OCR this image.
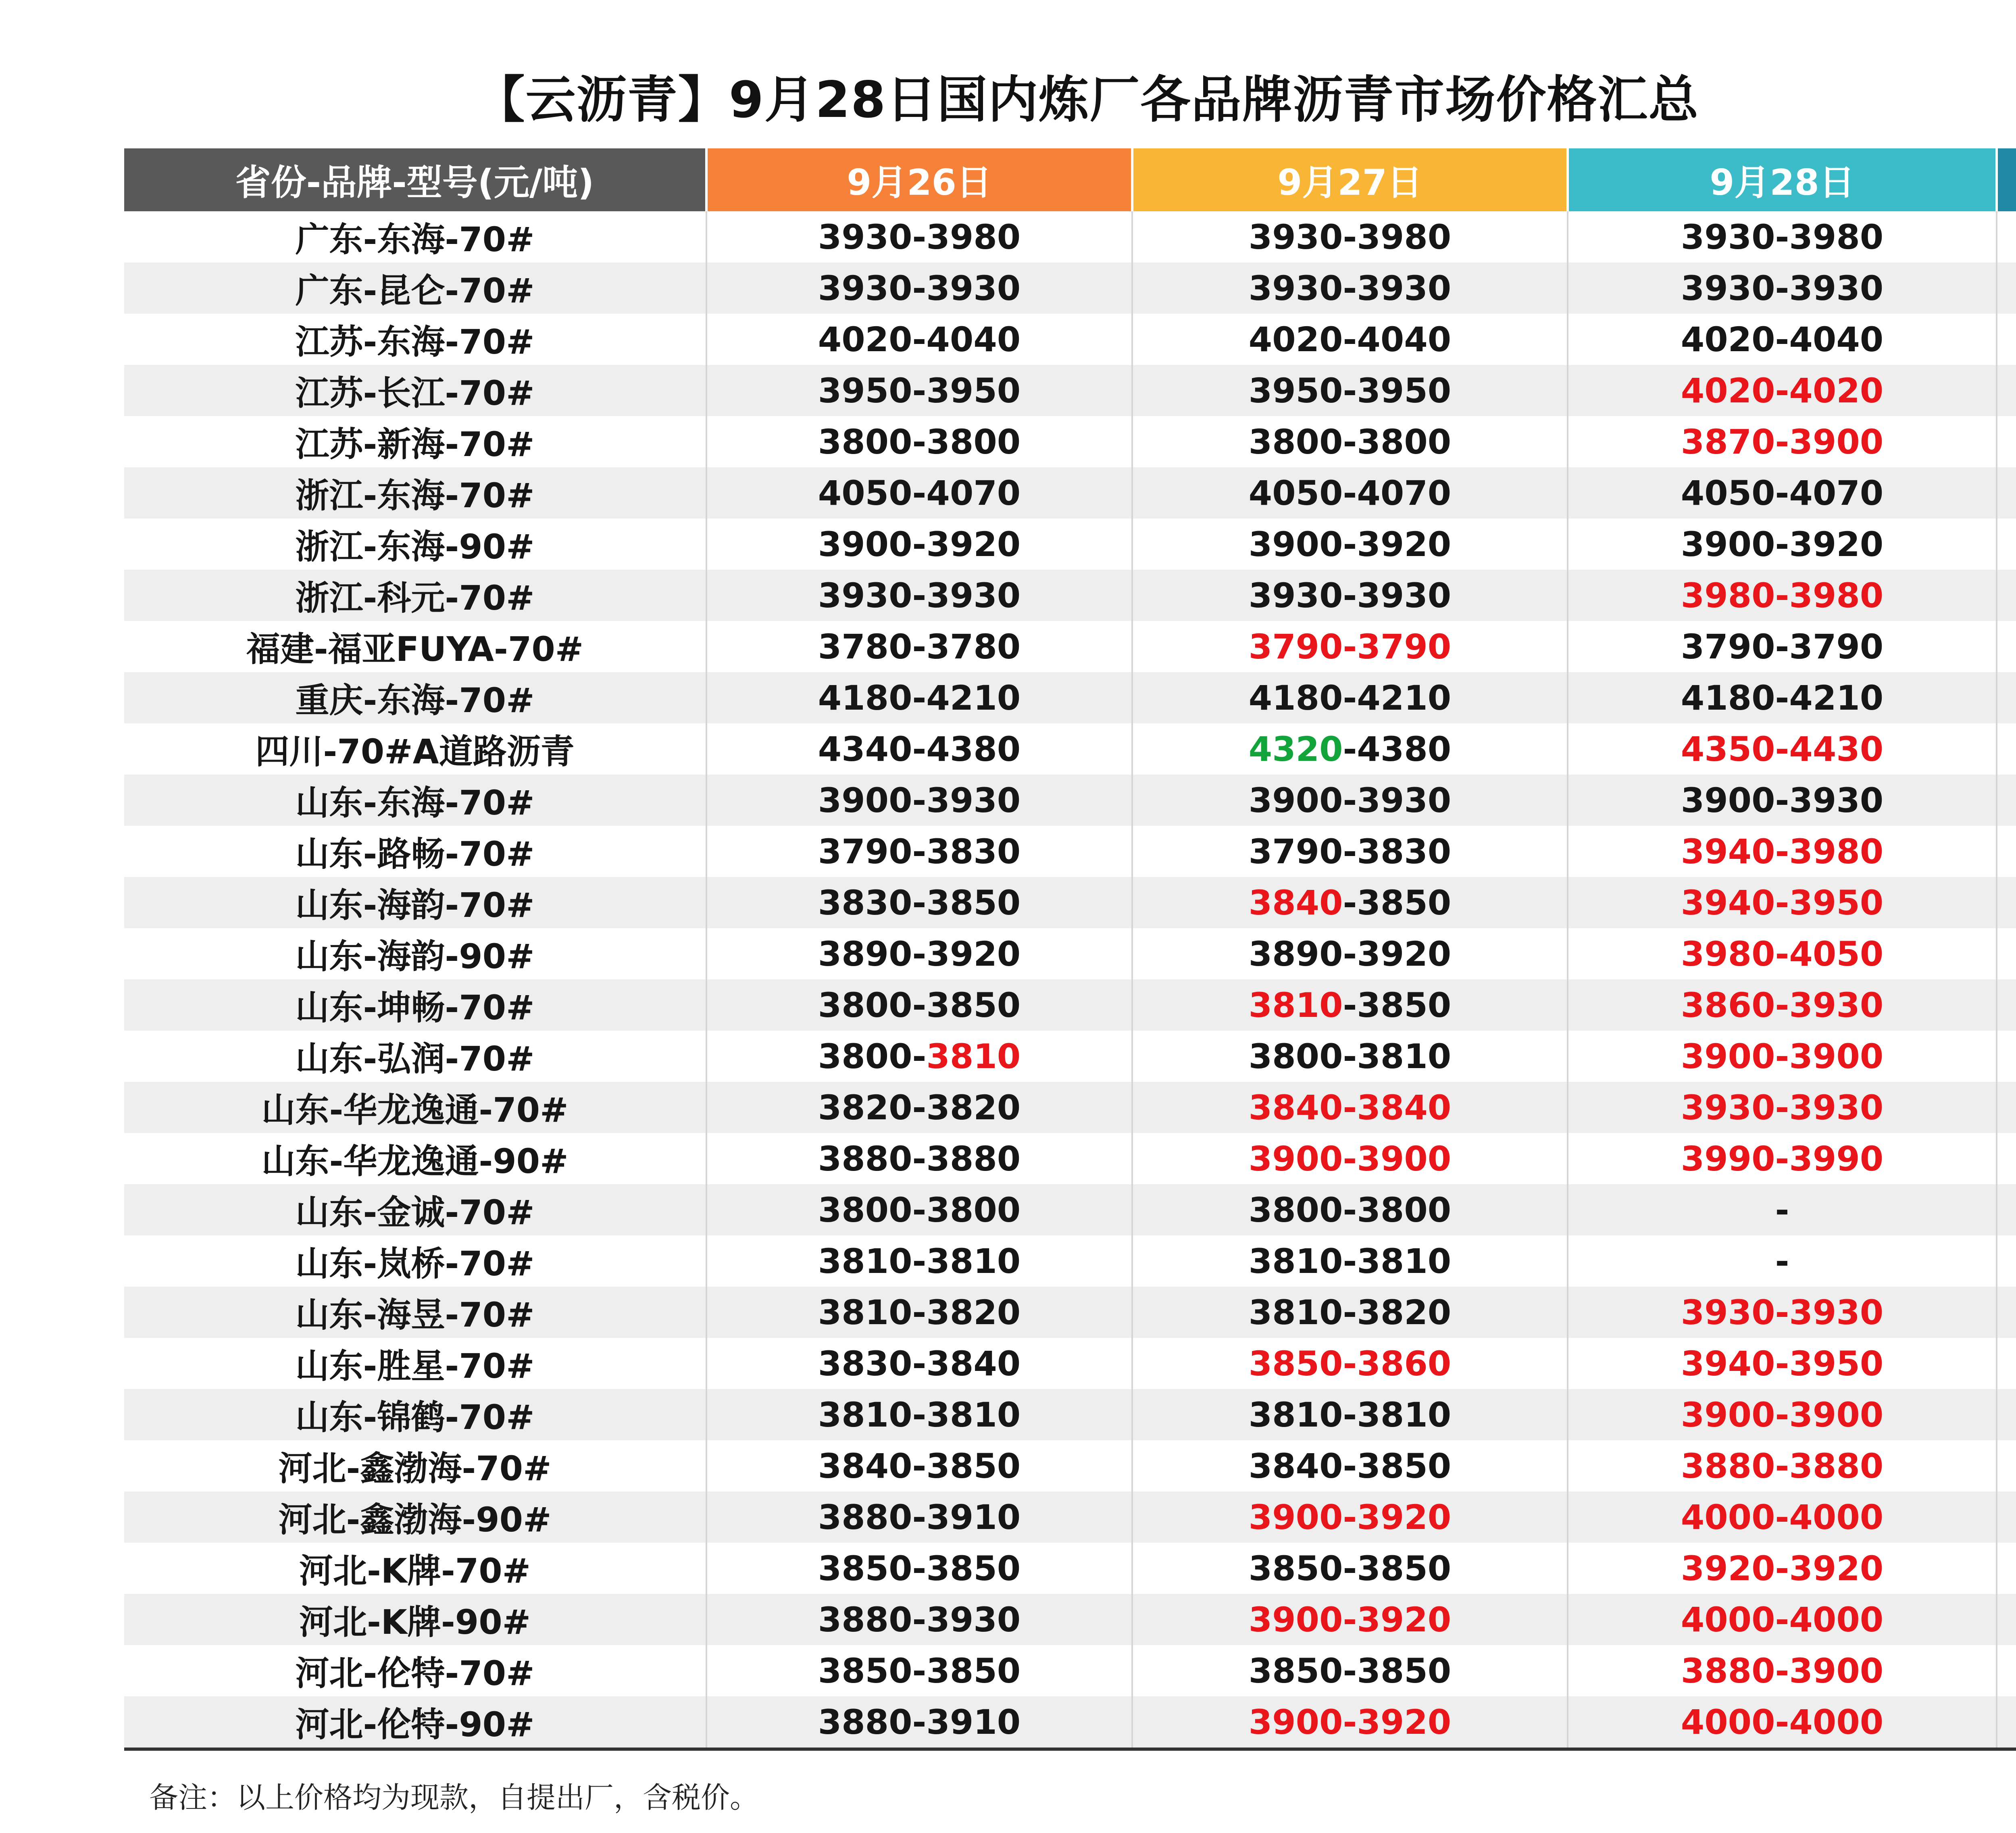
【云沥青】9月28日国内炼厂各品牌沥青市场价格汇总
省份-品牌-型号(元/吨)	9月26日	9月27日	9月28日	
广东-东海-70#	3930-3980	3930-3980	3930-3980	
广东-昆仑-70#	3930-3930	3930-3930	3930-3930	
江苏-东海-70#	4020-4040	4020-4040	4020-4040	
江苏-长江-70#	3950-3950	3950-3950	4020-4020	
江苏-新海-70#	3800-3800	3800-3800	3870-3900	
浙江-东海-70#	4050-4070	4050-4070	4050-4070	
浙江-东海-90#	3900-3920	3900-3920	3900-3920	
浙江-科元-70#	3930-3930	3930-3930	3980-3980	
福建-福亚FUYA-70#	3780-3780	3790-3790	3790-3790	
重庆-东海-70#	4180-4210	4180-4210	4180-4210	
四川-70#A道路沥青	4340-4380	4320-4380	4350-4430	
山东-东海-70#	3900-3930	3900-3930	3900-3930	
山东-路畅-70#	3790-3830	3790-3830	3940-3980	
山东-海韵-70#	3830-3850	3840-3850	3940-3950	
山东-海韵-90#	3890-3920	3890-3920	3980-4050	
山东-坤畅-70#	3800-3850	3810-3850	3860-3930	
山东-弘润-70#	3800-3810	3800-3810	3900-3900	
山东-华龙逸通-70#	3820-3820	3840-3840	3930-3930	
山东-华龙逸通-90#	3880-3880	3900-3900	3990-3990	
山东-金诚-70#	3800-3800	3800-3800	-	
山东-岚桥-70#	3810-3810	3810-3810	-	
山东-海昱-70#	3810-3820	3810-3820	3930-3930	
山东-胜星-70#	3830-3840	3850-3860	3940-3950	
山东-锦鹤-70#	3810-3810	3810-3810	3900-3900	
河北-鑫渤海-70#	3840-3850	3840-3850	3880-3880	
河北-鑫渤海-90#	3880-3910	3900-3920	4000-4000	
河北-K牌-70#	3850-3850	3850-3850	3920-3920	
河北-K牌-90#	3880-3930	3900-3920	4000-4000	
河北-伦特-70#	3850-3850	3850-3850	3880-3900	
河北-伦特-90#	3880-3910	3900-3920	4000-4000	
备注：以上价格均为现款，自提出厂，含税价。
